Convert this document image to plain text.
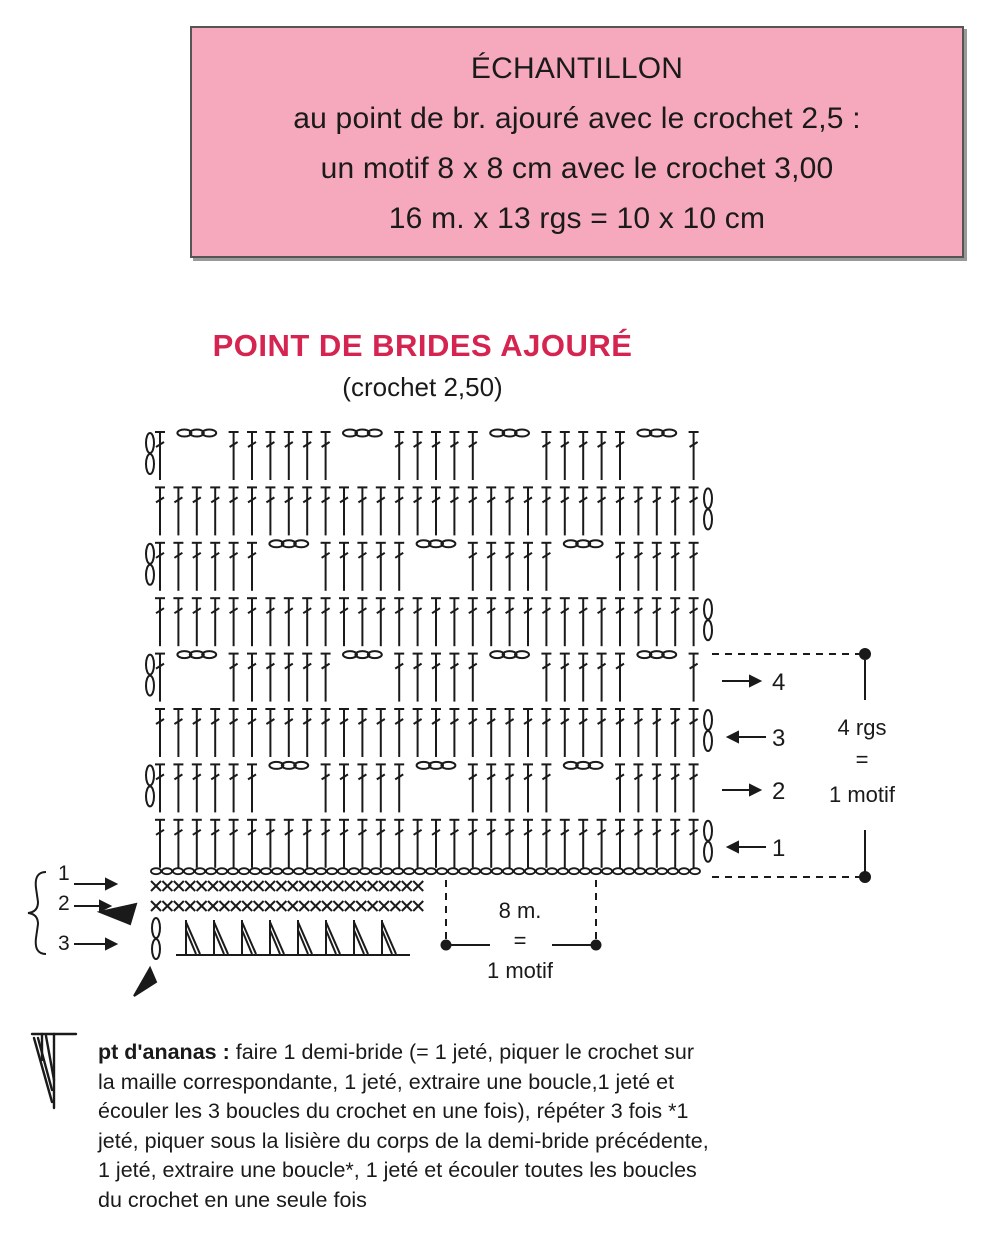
ÉCHANTILLON
au point de br. ajouré avec le crochet 2,5 :
un motif 8 x 8 cm avec le crochet 3,00
16 m. x 13 rgs = 10 x 10 cm
POINT DE BRIDES AJOURÉ
(crochet 2,50)
4 rgs
=
1 motif
4
3
2
1
8 m.
=
1 motif
1
2
3
pt d'ananas : faire 1 demi-bride (= 1 jeté, piquer le crochet sur
la maille correspondante, 1 jeté, extraire une boucle,1 jeté et
écouler les 3 boucles du crochet en une fois), répéter 3 fois *1
jeté, piquer sous la lisière du corps de la demi-bride précédente,
1 jeté, extraire une boucle*, 1 jeté et écouler toutes les boucles
du crochet en une seule fois
